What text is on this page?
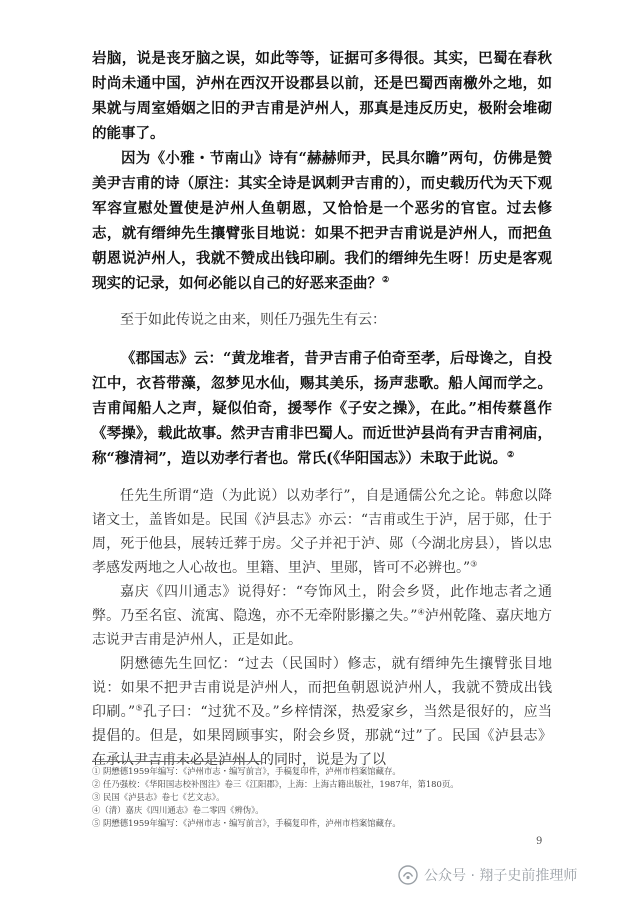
岩脑，说是丧牙脑之误，如此等等，证据可多得很。其实，巴蜀在春秋时尚未通中国，泸州在西汉开设郡县以前，还是巴蜀西南檄外之地，如果就与周室婚姻之旧的尹吉甫是泸州人，那真是违反历史，极附会堆砌的能事了。

因为《小雅・节南山》诗有“赫赫师尹，民具尔瞻”两句，仿佛是赞美尹吉甫的诗（原注：其实全诗是讽刺尹吉甫的），而史载历代为天下观军容宣慰处置使是泸州人鱼朝恩，又恰恰是一个恶劣的官宦。过去修志，就有缙绅先生攘臂张目地说：如果不把尹吉甫说是泸州人，而把鱼朝恩说泸州人，我就不赞成出钱印刷。我们的缙绅先生呀！历史是客观现实的记录，如何必能以自己的好恶来歪曲？②

至于如此传说之由来，则任乃强先生有云：

《郡国志》云：“黄龙堆者，昔尹吉甫子伯奇至孝，后母谗之，自投江中，衣苔带藻，忽梦见水仙，赐其美乐，扬声悲歌。船人闻而学之。吉甫闻船人之声，疑似伯奇，援琴作《子安之操》，在此。”相传蔡邕作《琴操》，载此故事。然尹吉甫非巴蜀人。而近世泸县尚有尹吉甫祠庙，称“穆清祠”，造以劝孝行者也。常氏(《华阳国志》）未取于此说。②

任先生所谓“造（为此说）以劝孝行”，自是通儒公允之论。韩愈以降诸文士，盖皆如是。民国《泸县志》亦云：“吉甫或生于泸，居于郧，仕于周，死于他县，展转迁葬于房。父子并祀于泸、郧（今湖北房县），皆以忠孝感发两地之人心故也。里籍、里泸、里郧，皆可不必辨也。”③

嘉庆《四川通志》说得好：“夸饰风土，附会乡贤，此作地志者之通弊。乃至名宦、流寓、隐逸，亦不无牵附影攥之失。”④泸州乾隆、嘉庆地方志说尹吉甫是泸州人，正是如此。

阴懋德先生回忆：“过去（民国时）修志，就有缙绅先生攘臂张目地说：如果不把尹吉甫说是泸州人，而把鱼朝恩说泸州人，我就不赞成出钱印刷。”⑤孔子曰：“过犹不及。”乡梓情深，热爱家乡，当然是很好的，应当提倡的。但是，如果罔顾事实，附会乡贤，那就“过”了。民国《泸县志》在承认尹吉甫未必是泸州人的同时，说是为了以

① 阴懋德1959年编写：《泸州市志・编写前言》，手稿复印件，泸州市档案馆藏存。
② 任乃强校：《华阳国志校补图注》卷三《江阳郡》，上海：上海古籍出版社，1987年，第180页。
③ 民国《泸县志》卷七《艺文志》。
④（清）嘉庆《四川通志》卷二零四《辨伪》。
⑤ 阴懋德1959年编写：《泸州市志・编写前言》，手稿复印件，泸州市档案馆藏存。
9
公众号 · 翔子史前推理师
